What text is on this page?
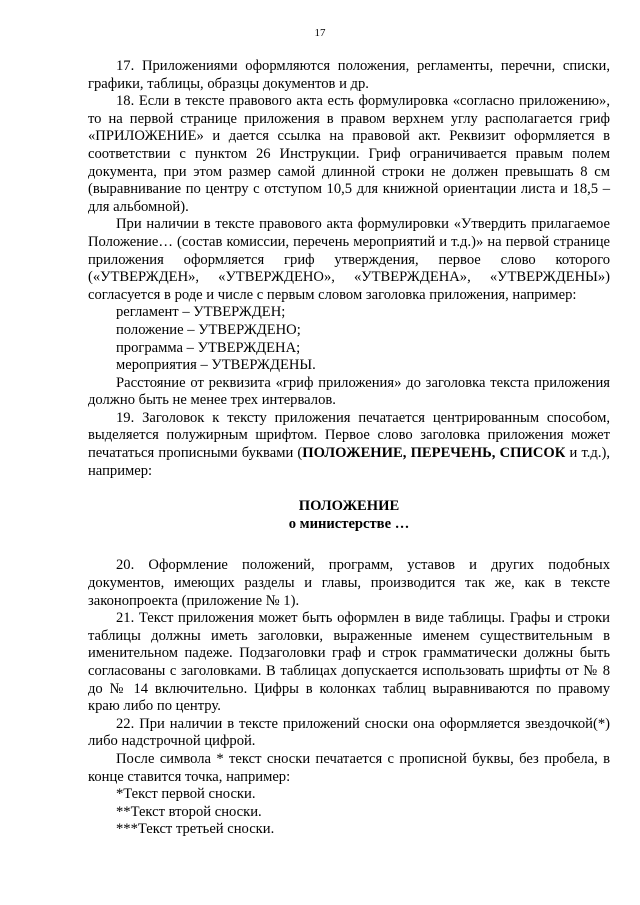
17

17. Приложениями оформляются положения, регламенты, перечни, списки, графики, таблицы, образцы документов и др.

18. Если в тексте правового акта есть формулировка «согласно приложению», то на первой странице приложения в правом верхнем углу располагается гриф «ПРИЛОЖЕНИЕ» и дается ссылка на правовой акт. Реквизит оформляется в соответствии с пунктом 26 Инструкции. Гриф ограничивается правым полем документа, при этом размер самой длинной строки не должен превышать 8 см (выравнивание по центру с отступом 10,5 для книжной ориентации листа и 18,5 – для альбомной).

При наличии в тексте правового акта формулировки «Утвердить прилагаемое Положение… (состав комиссии, перечень мероприятий и т.д.)» на первой странице приложения оформляется гриф утверждения, первое слово которого («УТВЕРЖДЕН», «УТВЕРЖДЕНО», «УТВЕРЖДЕНА», «УТВЕРЖДЕНЫ») согласуется в роде и числе с первым словом заголовка приложения, например:

регламент – УТВЕРЖДЕН;

положение – УТВЕРЖДЕНО;

программа – УТВЕРЖДЕНА;

мероприятия – УТВЕРЖДЕНЫ.

Расстояние от реквизита «гриф приложения» до заголовка текста приложения должно быть не менее трех интервалов.

19. Заголовок к тексту приложения печатается центрированным способом, выделяется полужирным шрифтом. Первое слово заголовка приложения может печататься прописными буквами (ПОЛОЖЕНИЕ, ПЕРЕЧЕНЬ, СПИСОК и т.д.), например:

ПОЛОЖЕНИЕ

о министерстве …

20. Оформление положений, программ, уставов и других подобных документов, имеющих разделы и главы, производится так же, как в тексте законопроекта (приложение № 1).

21. Текст приложения может быть оформлен в виде таблицы. Графы и строки таблицы должны иметь заголовки, выраженные именем существительным в именительном падеже. Подзаголовки граф и строк грамматически должны быть согласованы с заголовками. В таблицах допускается использовать шрифты от № 8 до № 14 включительно. Цифры в колонках таблиц выравниваются по правому краю либо по центру.

22. При наличии в тексте приложений сноски она оформляется звездочкой(*) либо надстрочной цифрой.

После символа * текст сноски печатается с прописной буквы, без пробела, в конце ставится точка, например:

*Текст первой сноски.

**Текст второй сноски.

***Текст третьей сноски.
